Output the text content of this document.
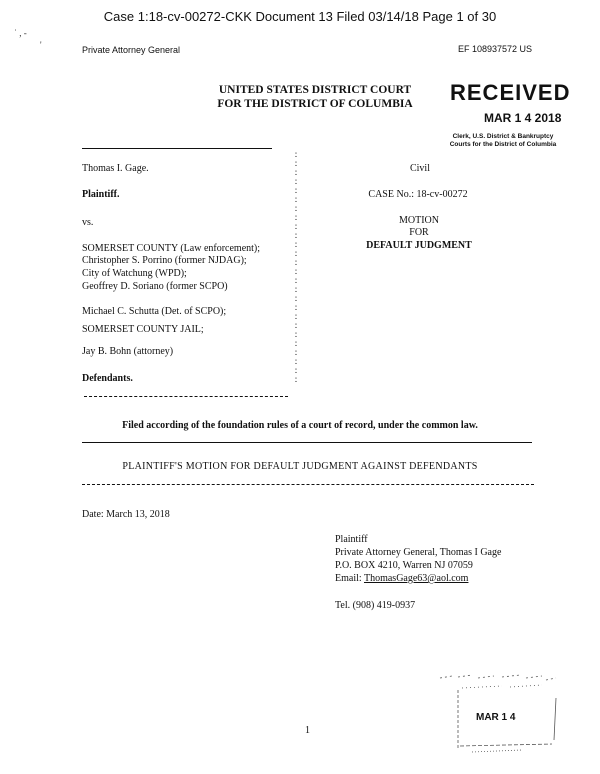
Case 1:18-cv-00272-CKK Document 13 Filed 03/14/18 Page 1 of 30
˙ , -
'	Private Attorney General	EF 108937572 US
UNITED STATES DISTRICT COURT
FOR THE DISTRICT OF COLUMBIA	RECEIVED
MAR 1 4 2018
Clerk, U.S. District & Bankruptcy
Courts for the District of Columbia
:
:
:
:
:
:
:
:
:
:
:
:
:
:
:
:
:
:
:
:
:
:
:
:
:
:
Thomas I. Gage.
Plaintiff.
vs.
SOMERSET COUNTY (Law enforcement);
Christopher S. Porrino (former NJDAG);
City of Watchung (WPD);
Geoffrey D. Soriano (former SCPO)
Michael C. Schutta (Det. of SCPO);
SOMERSET COUNTY JAIL;
Jay B. Bohn (attorney)
Defendants.
Civil
CASE No.: 18-cv-00272
MOTION
FOR
DEFAULT JUDGMENT
Filed according of the foundation rules of a court of record, under the common law.
PLAINTIFF'S MOTION FOR DEFAULT JUDGMENT AGAINST DEFENDANTS
Date: March 13, 2018
Plaintiff
Private Attorney General, Thomas I Gage
P.O. BOX 4210, Warren NJ 07059
Email: ThomasGage63@aol.com
Tel. (908) 419-0937
1
MAR 1 4
